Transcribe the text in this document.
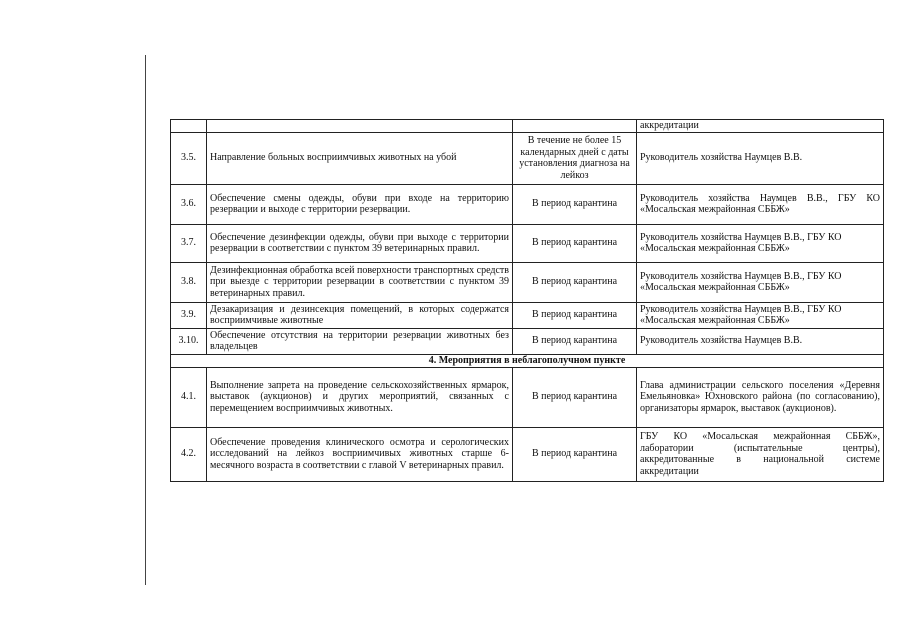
			аккредитации
3.5.	Направление больных восприимчивых животных на убой	В течение не более 15 календарных дней с даты установления диагноза на лейкоз	Руководитель хозяйства Наумцев В.В.
3.6.	Обеспечение смены одежды, обуви при входе на территорию резервации и выходе с территории резервации.	В период карантина	Руководитель хозяйства Наумцев В.В., ГБУ КО «Мосальская межрайонная СББЖ»
3.7.	Обеспечение дезинфекции одежды, обуви при выходе с территории резервации в соответствии с пунктом 39 ветеринарных правил.	В период карантина	Руководитель хозяйства Наумцев В.В., ГБУ КО «Мосальская межрайонная СББЖ»
3.8.	Дезинфекционная обработка всей поверхности транспортных средств при выезде с территории резервации в соответствии с пунктом 39 ветеринарных правил.	В период карантина	Руководитель хозяйства Наумцев В.В., ГБУ КО «Мосальская межрайонная СББЖ»
3.9.	Дезакаризация и дезинсекция помещений, в которых содержатся восприимчивые животные	В период карантина	Руководитель хозяйства Наумцев В.В., ГБУ КО «Мосальская межрайонная СББЖ»
3.10.	Обеспечение отсутствия на территории резервации животных без владельцев	В период карантина	Руководитель хозяйства Наумцев В.В.
4. Мероприятия в неблагополучном пункте			
4.1.	Выполнение запрета на проведение сельскохозяйственных ярмарок, выставок (аукционов) и других мероприятий, связанных с перемещением восприимчивых животных.	В период карантина	Глава администрации сельского поселения «Деревня Емельяновка» Юхновского района (по согласованию), организаторы ярмарок, выставок (аукционов).
4.2.	Обеспечение проведения клинического осмотра и серологических исследований на лейкоз восприимчивых животных старше 6-месячного возраста в соответствии с главой V ветеринарных правил.	В период карантина	ГБУ КО «Мосальская межрайонная СББЖ», лаборатории (испытательные центры), аккредитованные в национальной системе аккредитации
